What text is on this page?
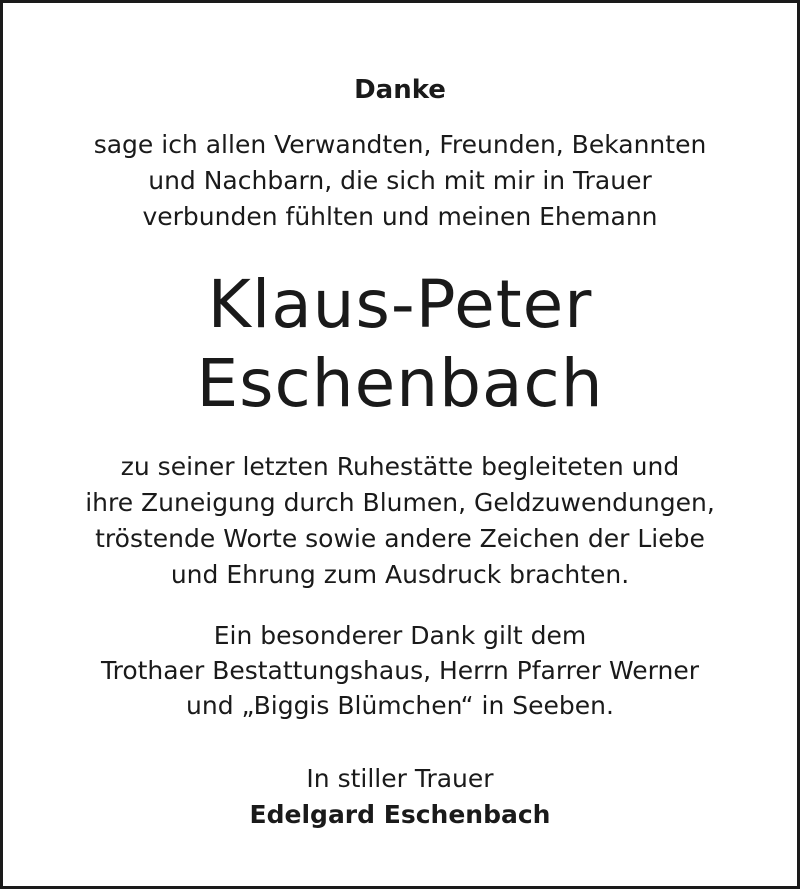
Danke
sage ich allen Verwandten, Freunden, Bekannten
und Nachbarn, die sich mit mir in Trauer
verbunden fühlten und meinen Ehemann
Klaus-Peter
Eschenbach
zu seiner letzten Ruhestätte begleiteten und
ihre Zuneigung durch Blumen, Geldzuwendungen,
tröstende Worte sowie andere Zeichen der Liebe
und Ehrung zum Ausdruck brachten.
Ein besonderer Dank gilt dem
Trothaer Bestattungshaus, Herrn Pfarrer Werner
und „Biggis Blümchen“ in Seeben.
In stiller Trauer
Edelgard Eschenbach
